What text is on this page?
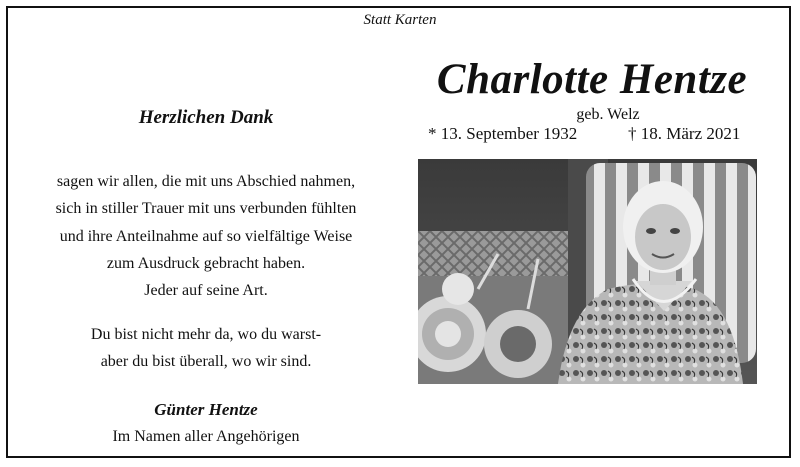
Statt Karten
Charlotte Hentze
geb. Welz
* 13. September 1932	† 18. März 2021
Herzlichen Dank
sagen wir allen, die mit uns Abschied nahmen,
sich in stiller Trauer mit uns verbunden fühlten
und ihre Anteilnahme auf so vielfältige Weise
zum Ausdruck gebracht haben.
Jeder auf seine Art.
Du bist nicht mehr da, wo du warst-
aber du bist überall, wo wir sind.
Günter Hentze
Im Namen aller Angehörigen
